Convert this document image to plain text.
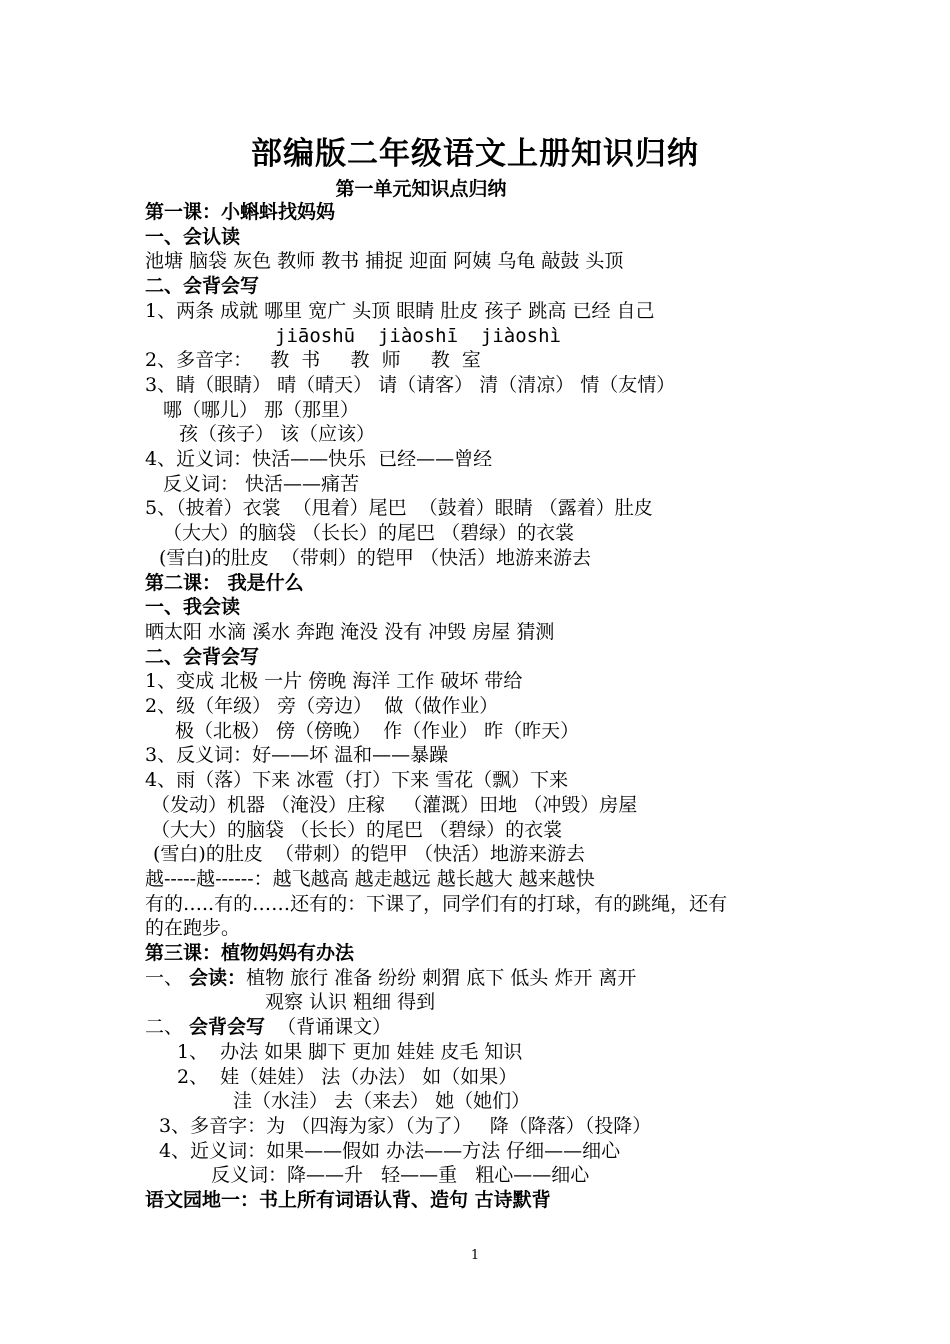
部编版二年级语文上册知识归纳
第一单元知识点归纳
第一课：小蝌蚪找妈妈
一、会认读
池塘 脑袋 灰色 教师 教书 捕捉 迎面 阿姨 乌龟 敲鼓 头顶
二、会背会写
1、两条 成就 哪里 宽广 头顶 眼睛 肚皮 孩子 跳高 已经 自己
jiāoshū  jiàoshī  jiàoshì
2、多音字：   教  书     教  师     教  室
3、睛（眼睛） 晴（晴天） 请（请客） 清（清凉） 情（友情）
哪（哪儿） 那（那里）
孩（孩子） 该（应该）
4、近义词：快活——快乐  已经——曾经
反义词： 快活——痛苦
5、（披着）衣裳  （甩着）尾巴  （鼓着）眼睛 （露着）肚皮
（大大）的脑袋 （长长）的尾巴 （碧绿）的衣裳
(雪白)的肚皮  （带刺）的铠甲 （快活）地游来游去
第二课： 我是什么
一、我会读
晒太阳 水滴 溪水 奔跑 淹没 没有 冲毁 房屋 猜测
二、会背会写
1、变成 北极 一片 傍晚 海洋 工作 破坏 带给
2、级（年级） 旁（旁边）  做（做作业）
极（北极） 傍（傍晚）  作（作业） 昨（昨天）
3、反义词：好——坏 温和——暴躁
4、雨（落）下来 冰雹（打）下来 雪花（飘）下来
（发动）机器 （淹没）庄稼   （灌溉）田地 （冲毁）房屋
（大大）的脑袋 （长长）的尾巴 （碧绿）的衣裳
(雪白)的肚皮  （带刺）的铠甲 （快活）地游来游去
越-----越------：越飞越高 越走越远 越长越大 越来越快
有的…..有的……还有的：下课了，同学们有的打球，有的跳绳，还有
的在跑步。
第三课：植物妈妈有办法
一、 会读：植物 旅行 准备 纷纷 刺猬 底下 低头 炸开 离开
观察 认识 粗细 得到
二、 会背会写  （背诵课文）
1、  办法 如果 脚下 更加 娃娃 皮毛 知识
2、  娃（娃娃） 法（办法） 如（如果）
洼（水洼） 去（来去） 她（她们）
3、多音字：为 （四海为家）（为了）   降（降落）（投降）
4、近义词：如果——假如 办法——方法 仔细——细心
反义词：降——升   轻——重   粗心——细心
语文园地一：书上所有词语认背、造句 古诗默背
1
